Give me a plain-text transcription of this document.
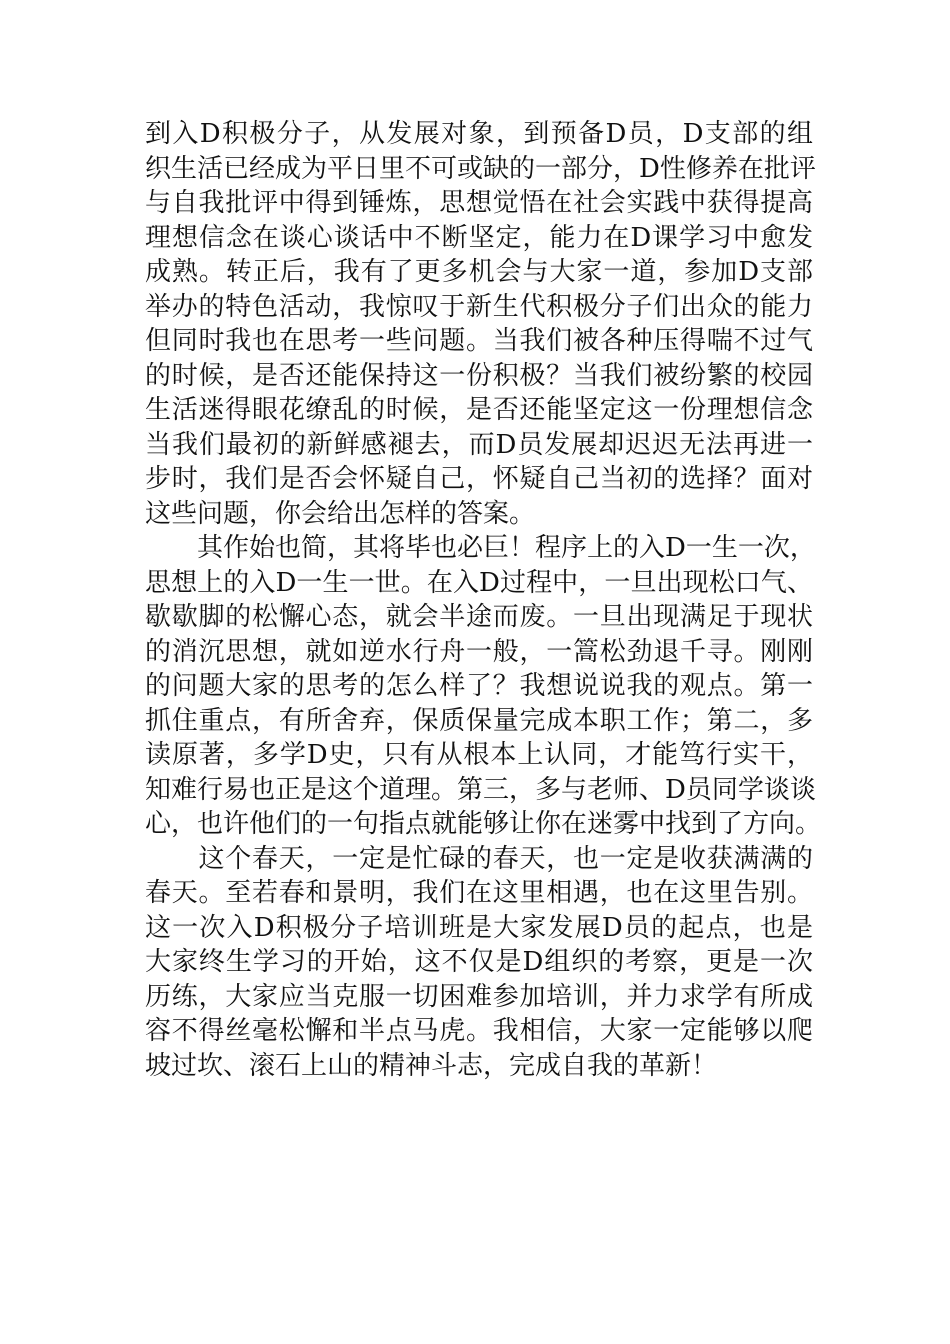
到入D积极分子，从发展对象，到预备D员，D支部的组
织生活已经成为平日里不可或缺的一部分，D性修养在批评
与自我批评中得到锤炼，思想觉悟在社会实践中获得提高
理想信念在谈心谈话中不断坚定，能力在D课学习中愈发
成熟。转正后，我有了更多机会与大家一道，参加D支部
举办的特色活动，我惊叹于新生代积极分子们出众的能力
但同时我也在思考一些问题。当我们被各种压得喘不过气
的时候，是否还能保持这一份积极？当我们被纷繁的校园
生活迷得眼花缭乱的时候，是否还能坚定这一份理想信念
当我们最初的新鲜感褪去，而D员发展却迟迟无法再进一
步时，我们是否会怀疑自己，怀疑自己当初的选择？面对
这些问题，你会给出怎样的答案。
　　其作始也简，其将毕也必巨！程序上的入D一生一次，
思想上的入D一生一世。在入D过程中，一旦出现松口气、
歇歇脚的松懈心态，就会半途而废。一旦出现满足于现状
的消沉思想，就如逆水行舟一般，一篙松劲退千寻。刚刚
的问题大家的思考的怎么样了？我想说说我的观点。第一
抓住重点，有所舍弃，保质保量完成本职工作；第二，多
读原著，多学D史，只有从根本上认同，才能笃行实干，
知难行易也正是这个道理。第三，多与老师、D员同学谈谈
心，也许他们的一句指点就能够让你在迷雾中找到了方向。
　　这个春天，一定是忙碌的春天，也一定是收获满满的
春天。至若春和景明，我们在这里相遇，也在这里告别。
这一次入D积极分子培训班是大家发展D员的起点，也是
大家终生学习的开始，这不仅是D组织的考察，更是一次
历练，大家应当克服一切困难参加培训，并力求学有所成
容不得丝毫松懈和半点马虎。我相信，大家一定能够以爬
坡过坎、滚石上山的精神斗志，完成自我的革新！
